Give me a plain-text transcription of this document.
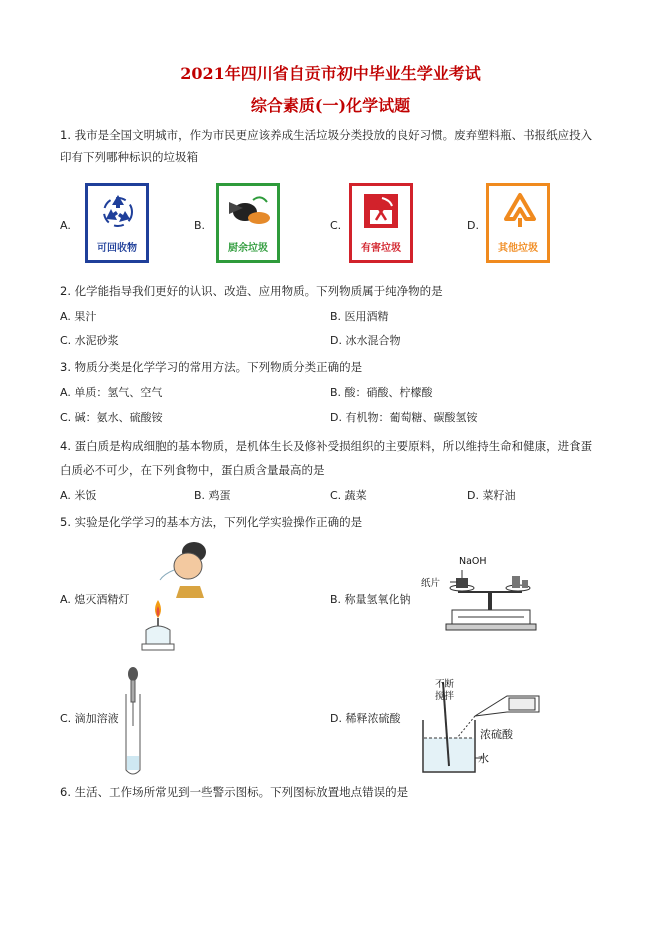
2021年四川省自贡市初中毕业生学业考试
综合素质(一)化学试题
1. 我市是全国文明城市，作为市民更应该养成生活垃圾分类投放的良好习惯。废弃塑料瓶、书报纸应投入
印有下列哪种标识的垃圾箱
A.
可回收物
B.
厨余垃圾
C.
有害垃圾
D.
其他垃圾
2. 化学能指导我们更好的认识、改造、应用物质。下列物质属于纯净物的是
A. 果汁	B. 医用酒精
C. 水泥砂浆	D. 冰水混合物
3. 物质分类是化学学习的常用方法。下列物质分类正确的是
A. 单质：氢气、空气	B. 酸：硝酸、柠檬酸
C. 碱：氨水、硫酸铵	D. 有机物：葡萄糖、碳酸氢铵
4. 蛋白质是构成细胞的基本物质，是机体生长及修补受损组织的主要原料，所以维持生命和健康，进食蛋
白质必不可少，在下列食物中，蛋白质含量最高的是
A. 米饭	B. 鸡蛋	C. 蔬菜	D. 菜籽油
5. 实验是化学学习的基本方法，下列化学实验操作正确的是
A. 熄灭酒精灯	B. 称量氢氧化钠
NaOH
纸片
C. 滴加溶液	D. 稀释浓硫酸
不断
搅拌
浓硫酸
水
6. 生活、工作场所常见到一些警示图标。下列图标放置地点错误的是
